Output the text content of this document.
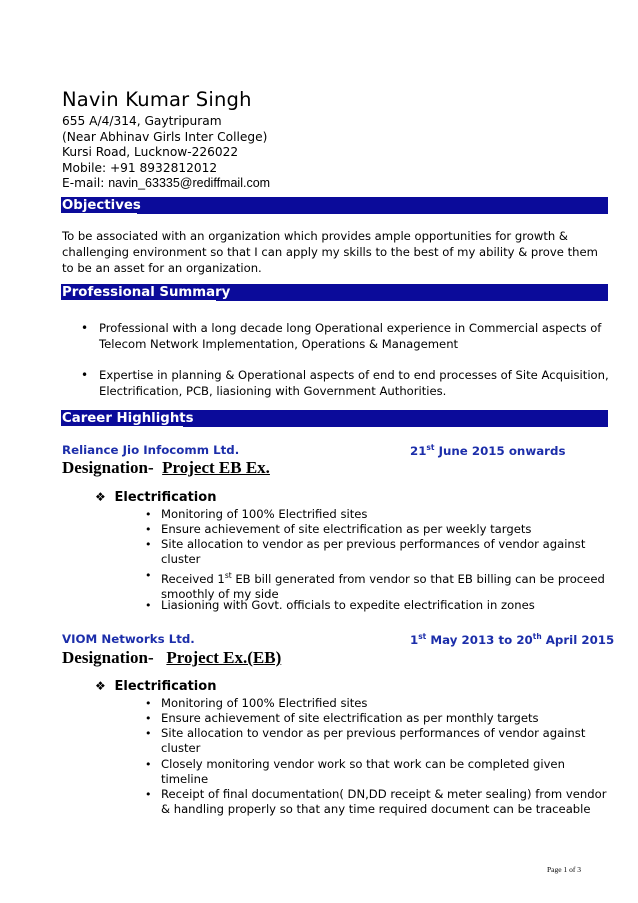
Navin Kumar Singh
655 A/4/314, Gaytripuram
(Near Abhinav Girls Inter College)
Kursi Road, Lucknow-226022
Mobile: +91 8932812012
E-mail: navin_63335@rediffmail.com
Objectives
To be associated with an organization which provides ample opportunities for growth &
challenging environment so that I can apply my skills to the best of my ability & prove them
to be an asset for an organization.
Professional Summary
• Professional with a long decade long Operational experience in Commercial aspects of
Telecom Network Implementation, Operations & Management
• Expertise in planning & Operational aspects of end to end processes of Site Acquisition,
Electrification, PCB, liasioning with Government Authorities.
Career Highlights
Reliance Jio Infocomm Ltd.	21st June 2015 onwards
Designation- Project EB Ex.
❖ Electrification
• Monitoring of 100% Electrified sites
• Ensure achievement of site electrification as per weekly targets
• Site allocation to vendor as per previous performances of vendor against
cluster
• Received 1st EB bill generated from vendor so that EB billing can be proceed
smoothly of my side
• Liasioning with Govt. officials to expedite electrification in zones
VIOM Networks Ltd.	1st May 2013 to 20th April 2015
Designation- Project Ex.(EB)
❖ Electrification
• Monitoring of 100% Electrified sites
• Ensure achievement of site electrification as per monthly targets
• Site allocation to vendor as per previous performances of vendor against
cluster
• Closely monitoring vendor work so that work can be completed given
timeline
• Receipt of final documentation( DN,DD receipt & meter sealing) from vendor
& handling properly so that any time required document can be traceable
Page 1 of 3
